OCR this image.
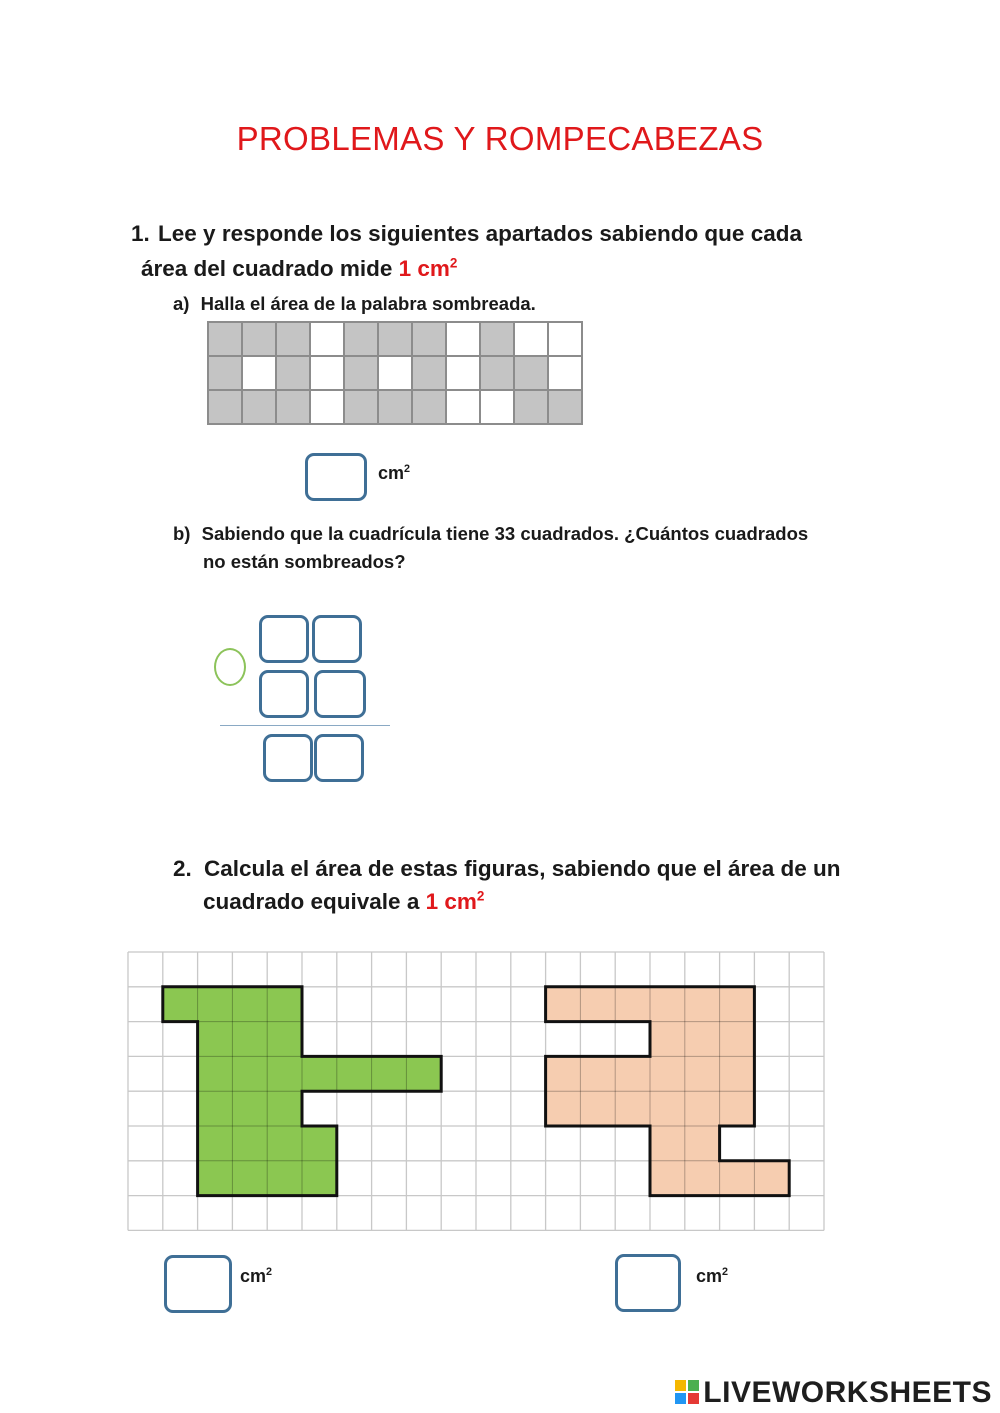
PROBLEMAS Y ROMPECABEZAS
1. Lee y responde los siguientes apartados sabiendo que cada
área del cuadrado mide 1 $cm^2$
a) Halla el área de la palabra sombreada.
$cm^2$
b) Sabiendo que la cuadrícula tiene 33 cuadrados. ¿Cuántos cuadrados
no están sombreados?
2. Calcula el área de estas figuras, sabiendo que el área de un
cuadrado equivale a 1 $cm^2$
$cm^2$	$cm^2$
LIVEWORKSHEETS
